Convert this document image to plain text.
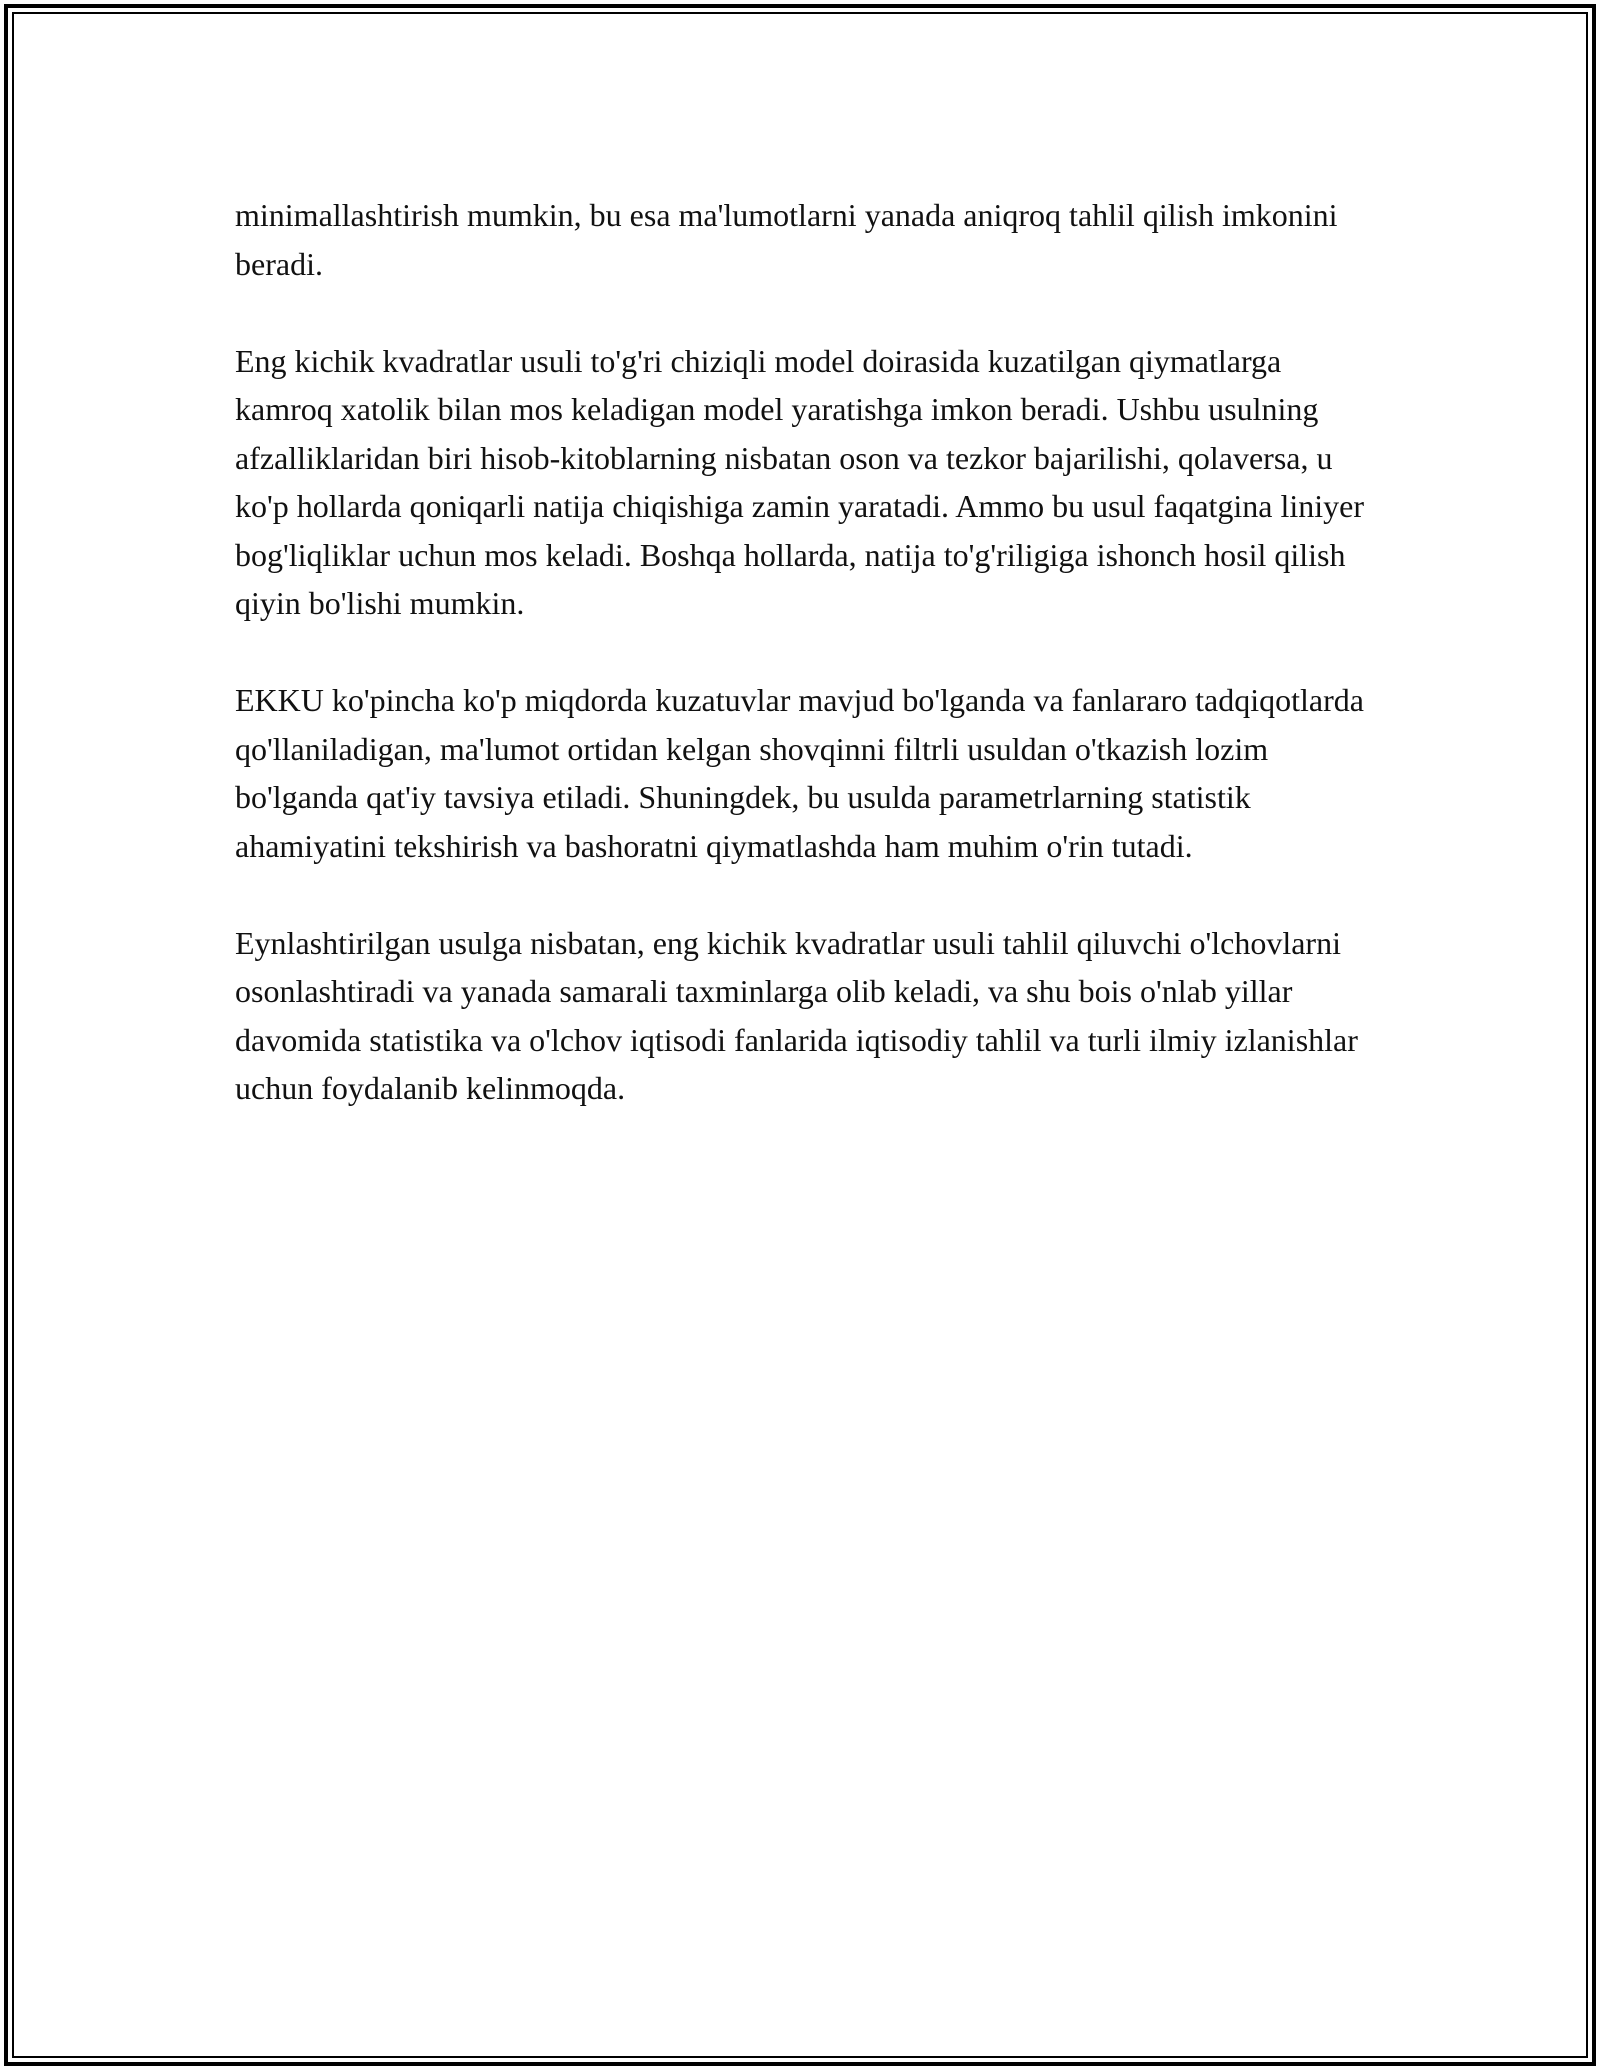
minimallashtirish mumkin, bu esa ma'lumotlarni yanada aniqroq tahlil qilish imkonini beradi.

Eng kichik kvadratlar usuli to'g'ri chiziqli model doirasida kuzatilgan qiymatlarga kamroq xatolik bilan mos keladigan model yaratishga imkon beradi. Ushbu usulning afzalliklaridan biri hisob-kitoblarning nisbatan oson va tezkor bajarilishi, qolaversa, u ko'p hollarda qoniqarli natija chiqishiga zamin yaratadi. Ammo bu usul faqatgina liniyer bog'liqliklar uchun mos keladi. Boshqa hollarda, natija to'g'riligiga ishonch hosil qilish qiyin bo'lishi mumkin.

EKKU ko'pincha ko'p miqdorda kuzatuvlar mavjud bo'lganda va fanlararo tadqiqotlarda qo'llaniladigan, ma'lumot ortidan kelgan shovqinni filtrli usuldan o'tkazish lozim bo'lganda qat'iy tavsiya etiladi. Shuningdek, bu usulda parametrlarning statistik ahamiyatini tekshirish va bashoratni qiymatlashda ham muhim o'rin tutadi.

Eynlashtirilgan usulga nisbatan, eng kichik kvadratlar usuli tahlil qiluvchi o'lchovlarni osonlashtiradi va yanada samarali taxminlarga olib keladi, va shu bois o'nlab yillar davomida statistika va o'lchov iqtisodi fanlarida iqtisodiy tahlil va turli ilmiy izlanishlar uchun foydalanib kelinmoqda.
